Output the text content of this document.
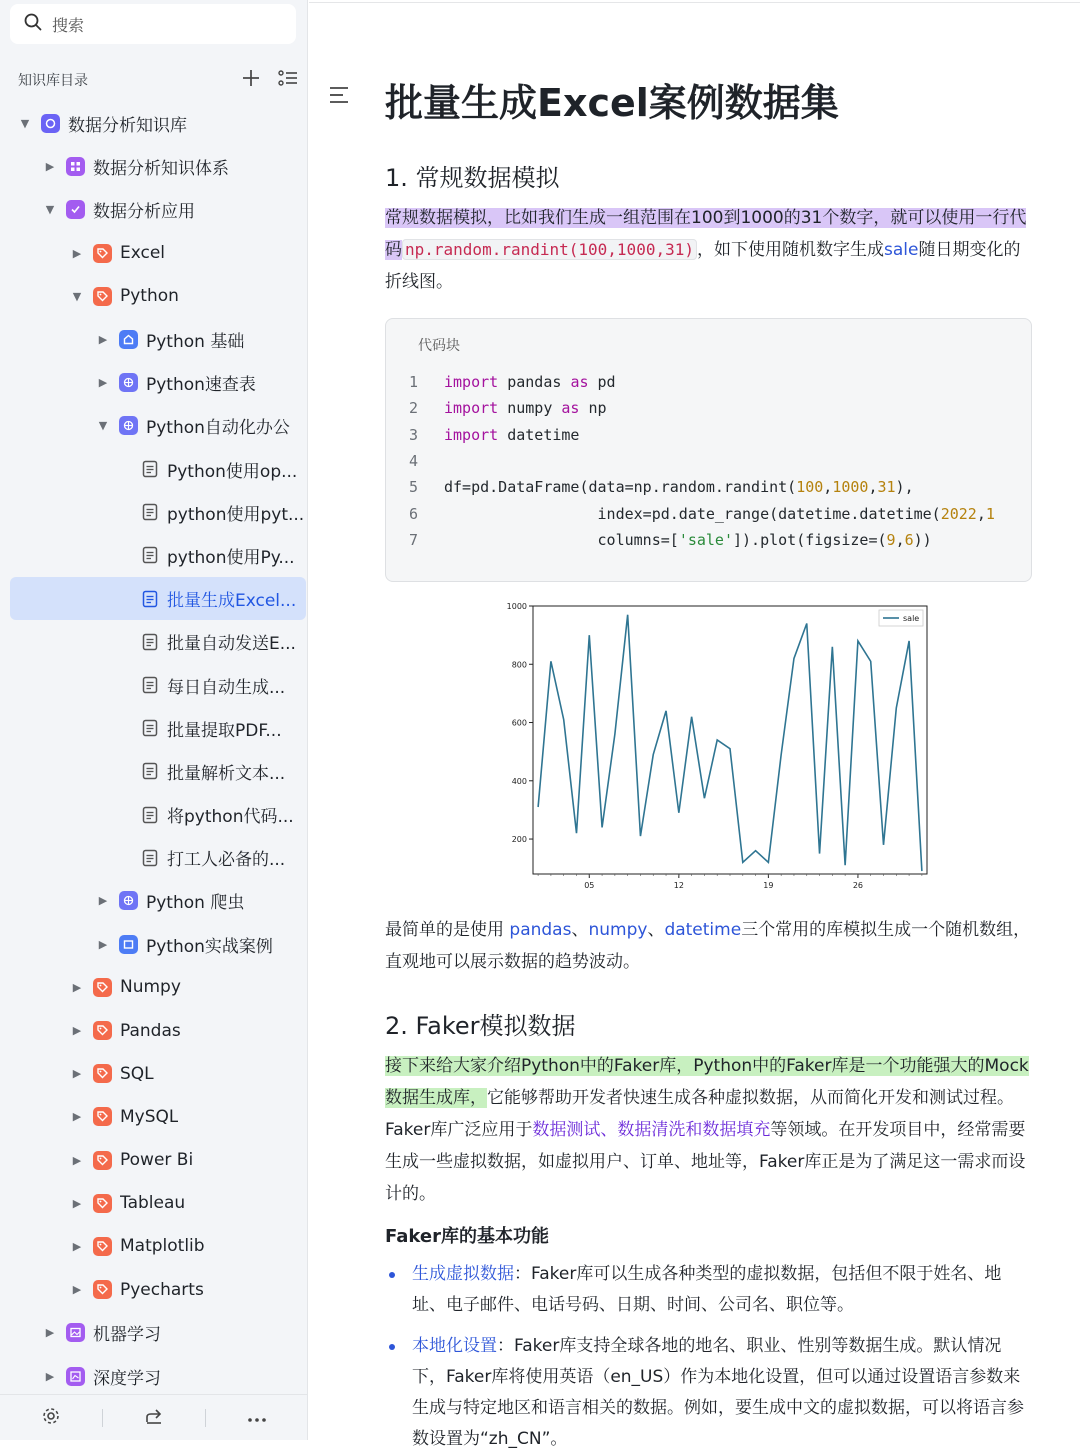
搜索
知识库目录
▼ 数据分析知识库
▶ 数据分析知识体系
▼ 数据分析应用
▶ Excel
▼ Python
▶ Python 基础
▶ Python速查表
▼ Python自动化办公
Python使用op...
python使用pyt...
python使用Py...
批量生成Excel...
批量自动发送E...
每日自动生成...
批量提取PDF...
批量解析文本...
将python代码...
打工人必备的...
▶ Python 爬虫
▶ Python实战案例
▶ Numpy
▶ Pandas
▶ SQL
▶ MySQL
▶ Power Bi
▶ Tableau
▶ Matplotlib
▶ Pyecharts
▶ 机器学习
▶ 深度学习
批量生成Excel案例数据集
1. 常规数据模拟
常规数据模拟，比如我们生成一组范围在100到1000的31个数字，就可以使用一行代码 np.random.randint(100,1000,31) ，如下使用随机数字生成sale随日期变化的折线图。
代码块
1	import pandas as pd
2	import numpy as np
3	import datetime
4
5	df=pd.DataFrame(data=np.random.randint(100,1000,31),
6	index=pd.date_range(datetime.datetime(2022,1
7	columns=['sale']).plot(figsize=(9,6))
200
400
600
800
1000
05	12	19	26
sale
最简单的是使用 pandas、numpy、datetime三个常用的库模拟生成一个随机数组，直观地可以展示数据的趋势波动。
2. Faker模拟数据
接下来给大家介绍Python中的Faker库，Python中的Faker库是一个功能强大的Mock数据生成库，它能够帮助开发者快速生成各种虚拟数据，从而简化开发和测试过程。Faker库广泛应用于数据测试、数据清洗和数据填充等领域。在开发项目中，经常需要生成一些虚拟数据，如虚拟用户、订单、地址等，Faker库正是为了满足这一需求而设计的。
Faker库的基本功能
生成虚拟数据：Faker库可以生成各种类型的虚拟数据，包括但不限于姓名、地址、电子邮件、电话号码、日期、时间、公司名、职位等。
本地化设置：Faker库支持全球各地的地名、职业、性别等数据生成。默认情况下，Faker库将使用英语（en_US）作为本地化设置，但可以通过设置语言参数来生成与特定地区和语言相关的数据。例如，要生成中文的虚拟数据，可以将语言参数设置为“zh_CN”。
